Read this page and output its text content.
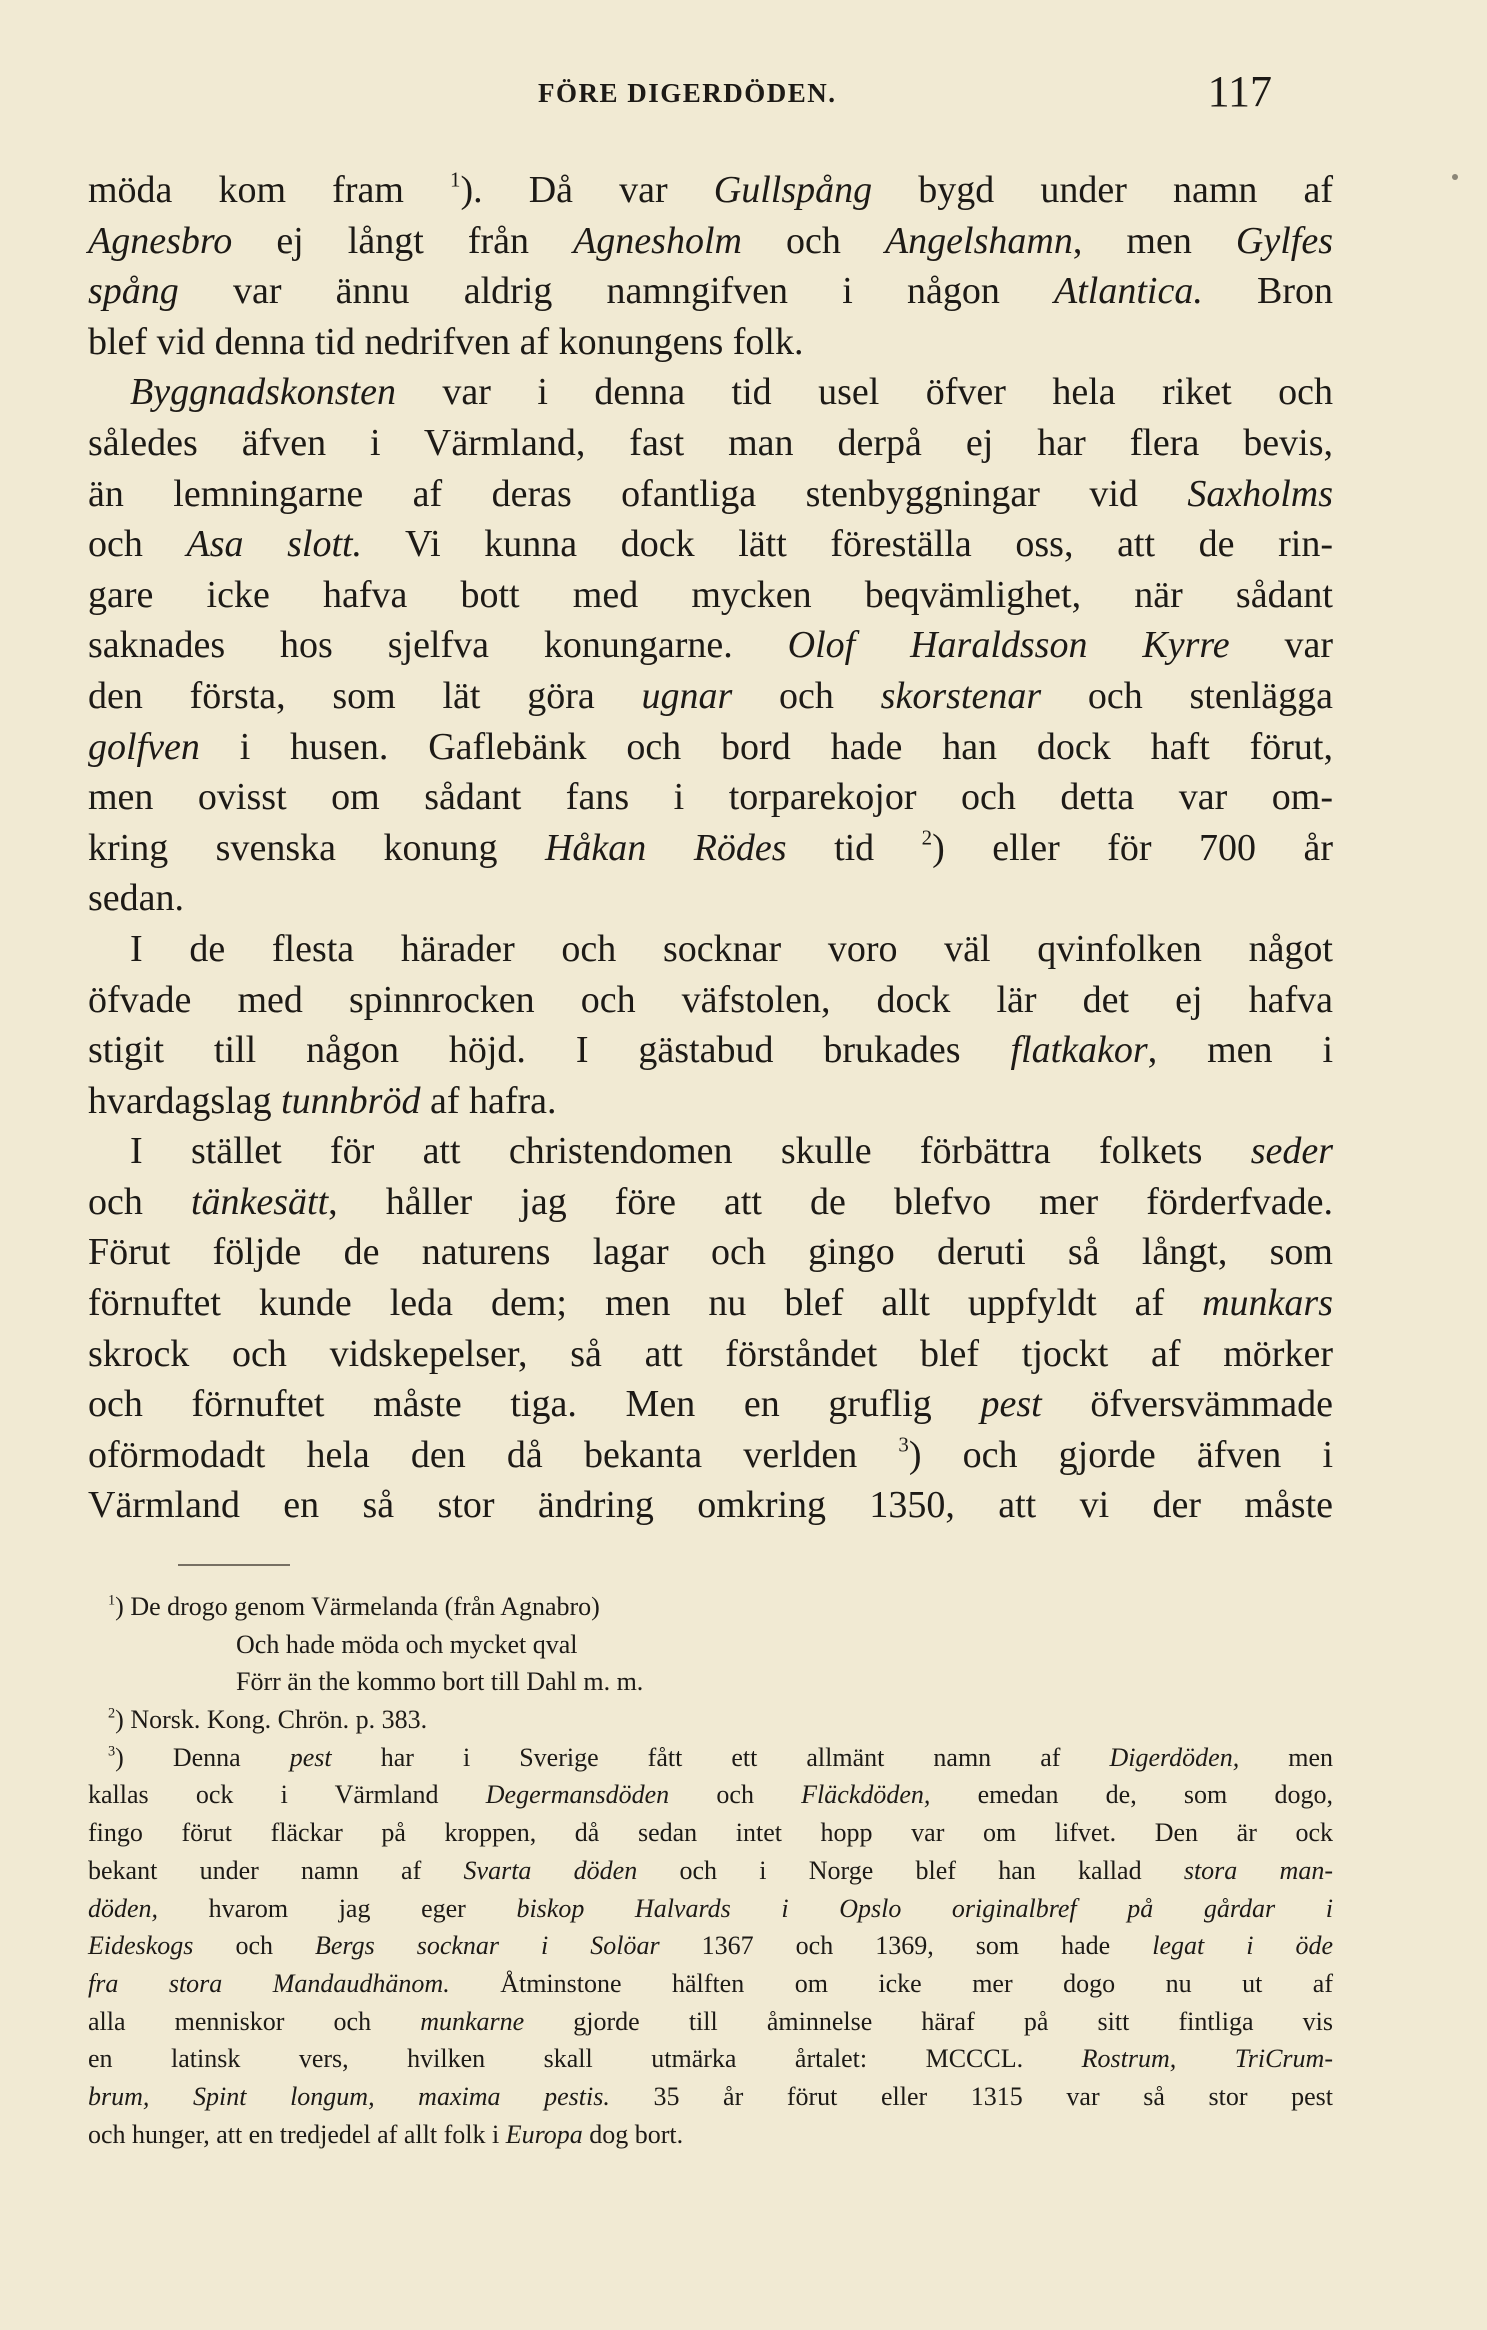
FÖRE DIGERDÖDEN.	117
möda kom fram $^1$). Då var Gullspång bygd under namn af
Agnesbro ej långt från Agnesholm och Angelshamn, men Gylfes
spång var ännu aldrig namngifven i någon Atlantica. Bron
blef vid denna tid nedrifven af konungens folk.
Byggnadskonsten var i denna tid usel öfver hela riket och
således äfven i Värmland, fast man derpå ej har flera bevis,
än lemningarne af deras ofantliga stenbyggningar vid Saxholms
och Asa slott. Vi kunna dock lätt föreställa oss, att de rin-
gare icke hafva bott med mycken beqvämlighet, när sådant
saknades hos sjelfva konungarne. Olof Haraldsson Kyrre var
den första, som lät göra ugnar och skorstenar och stenlägga
golfven i husen. Gaflebänk och bord hade han dock haft förut,
men ovisst om sådant fans i torparekojor och detta var om-
kring svenska konung Håkan Rödes tid $^2$) eller för 700 år
sedan.
I de flesta härader och socknar voro väl qvinfolken något
öfvade med spinnrocken och väfstolen, dock lär det ej hafva
stigit till någon höjd. I gästabud brukades flatkakor, men i
hvardagslag tunnbröd af hafra.
I stället för att christendomen skulle förbättra folkets seder
och tänkesätt, håller jag före att de blefvo mer förderfvade.
Förut följde de naturens lagar och gingo deruti så långt, som
förnuftet kunde leda dem; men nu blef allt uppfyldt af munkars
skrock och vidskepelser, så att förståndet blef tjockt af mörker
och förnuftet måste tiga. Men en gruflig pest öfversvämmade
oförmodadt hela den då bekanta verlden $^3$) och gjorde äfven i
Värmland en så stor ändring omkring 1350, att vi der måste
$^1$) De drogo genom Värmelanda (från Agnabro)
Och hade möda och mycket qval
Förr än the kommo bort till Dahl m. m.
$^2$) Norsk. Kong. Chrön. p. 383.
$^3$) Denna pest har i Sverige fått ett allmänt namn af Digerdöden, men
kallas ock i Värmland Degermansdöden och Fläckdöden, emedan de, som dogo,
fingo förut fläckar på kroppen, då sedan intet hopp var om lifvet. Den är ock
bekant under namn af Svarta döden och i Norge blef han kallad stora man-
döden, hvarom jag eger biskop Halvards i Opslo originalbref på gårdar i
Eideskogs och Bergs socknar i Solöar 1367 och 1369, som hade legat i öde
fra stora Mandaudhänom. Åtminstone hälften om icke mer dogo nu ut af
alla menniskor och munkarne gjorde till åminnelse häraf på sitt fintliga vis
en latinsk vers, hvilken skall utmärka årtalet: MCCCL. Rostrum, TriCrum-
brum, Spint longum, maxima pestis. 35 år förut eller 1315 var så stor pest
och hunger, att en tredjedel af allt folk i Europa dog bort.
